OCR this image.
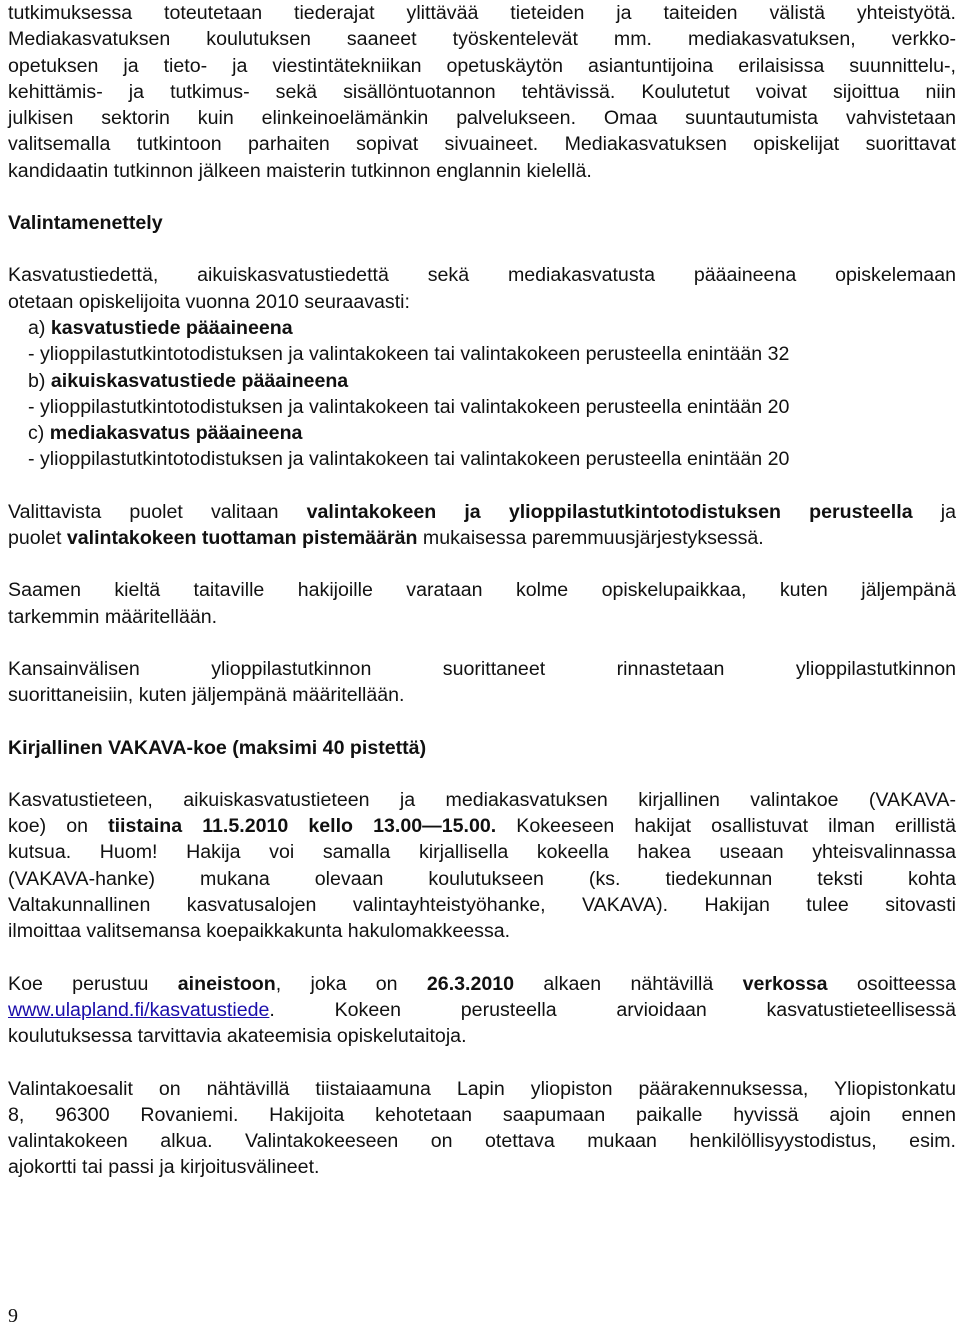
tutkimuksessa toteutetaan tiederajat ylittävää tieteiden ja taiteiden välistä yhteistyötä.
Mediakasvatuksen koulutuksen saaneet työskentelevät mm. mediakasvatuksen, verkko-
opetuksen ja tieto- ja viestintätekniikan opetuskäytön asiantuntijoina erilaisissa suunnittelu-,
kehittämis- ja tutkimus- sekä sisällöntuotannon tehtävissä. Koulutetut voivat sijoittua niin
julkisen sektorin kuin elinkeinoelämänkin palvelukseen. Omaa suuntautumista vahvistetaan
valitsemalla tutkintoon parhaiten sopivat sivuaineet. Mediakasvatuksen opiskelijat suorittavat
kandidaatin tutkinnon jälkeen maisterin tutkinnon englannin kielellä.

Valintamenettely

Kasvatustiedettä, aikuiskasvatustiedettä sekä mediakasvatusta pääaineena opiskelemaan
otetaan opiskelijoita vuonna 2010 seuraavasti:

a) kasvatustiede pääaineena
- ylioppilastutkintotodistuksen ja valintakokeen tai valintakokeen perusteella enintään 32
b) aikuiskasvatustiede pääaineena
- ylioppilastutkintotodistuksen ja valintakokeen tai valintakokeen perusteella enintään 20
c) mediakasvatus pääaineena
- ylioppilastutkintotodistuksen ja valintakokeen tai valintakokeen perusteella enintään 20

Valittavista puolet valitaan valintakokeen ja ylioppilastutkintotodistuksen perusteella ja
puolet valintakokeen tuottaman pistemäärän mukaisessa paremmuusjärjestyksessä.

Saamen kieltä taitaville hakijoille varataan kolme opiskelupaikkaa, kuten jäljempänä
tarkemmin määritellään.

Kansainvälisen ylioppilastutkinnon suorittaneet rinnastetaan ylioppilastutkinnon
suorittaneisiin, kuten jäljempänä määritellään.

Kirjallinen VAKAVA-koe (maksimi 40 pistettä)

Kasvatustieteen, aikuiskasvatustieteen ja mediakasvatuksen kirjallinen valintakoe (VAKAVA-
koe) on tiistaina 11.5.2010 kello 13.00—15.00. Kokeeseen hakijat osallistuvat ilman erillistä
kutsua. Huom! Hakija voi samalla kirjallisella kokeella hakea useaan yhteisvalinnassa
(VAKAVA-hanke) mukana olevaan koulutukseen (ks. tiedekunnan teksti kohta
Valtakunnallinen kasvatusalojen valintayhteistyöhanke, VAKAVA). Hakijan tulee sitovasti
ilmoittaa valitsemansa koepaikkakunta hakulomakkeessa.

Koe perustuu aineistoon, joka on 26.3.2010 alkaen nähtävillä verkossa osoitteessa
www.ulapland.fi/kasvatustiede. Kokeen perusteella arvioidaan kasvatustieteellisessä
koulutuksessa tarvittavia akateemisia opiskelutaitoja.

Valintakoesalit on nähtävillä tiistaiaamuna Lapin yliopiston päärakennuksessa, Yliopistonkatu
8, 96300 Rovaniemi. Hakijoita kehotetaan saapumaan paikalle hyvissä ajoin ennen
valintakokeen alkua. Valintakokeeseen on otettava mukaan henkilöllisyystodistus, esim.
ajokortti tai passi ja kirjoitusvälineet.

9
